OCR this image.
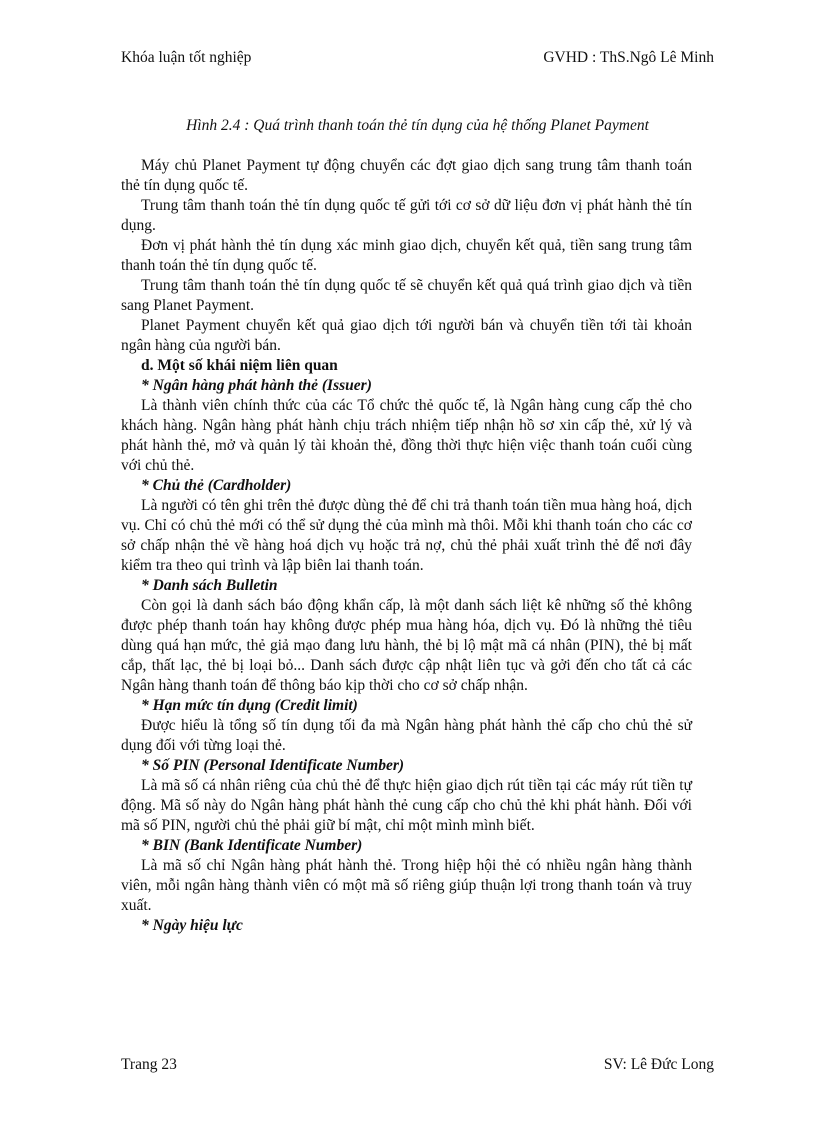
Khóa luận tốt nghiệp	GVHD : ThS.Ngô Lê Minh

Hình 2.4 : Quá trình thanh toán thẻ tín dụng của hệ thống Planet Payment

Máy chủ Planet Payment tự động chuyển các đợt giao dịch sang trung tâm thanh toán thẻ tín dụng quốc tế.

Trung tâm thanh toán thẻ tín dụng quốc tế gửi tới cơ sở dữ liệu đơn vị phát hành thẻ tín dụng.

Đơn vị phát hành thẻ tín dụng xác minh giao dịch, chuyển kết quả, tiền sang trung tâm thanh toán thẻ tín dụng quốc tế.

Trung tâm thanh toán thẻ tín dụng quốc tế sẽ chuyển kết quả quá trình giao dịch và tiền sang Planet Payment.

Planet Payment chuyển kết quả giao dịch tới người bán và chuyển tiền tới tài khoản ngân hàng của người bán.

d. Một số khái niệm liên quan

* Ngân hàng phát hành thẻ (Issuer)

Là thành viên chính thức của các Tổ chức thẻ quốc tế, là Ngân hàng cung cấp thẻ cho khách hàng. Ngân hàng phát hành chịu trách nhiệm tiếp nhận hồ sơ xin cấp thẻ, xử lý và phát hành thẻ, mở và quản lý tài khoản thẻ, đồng thời thực hiện việc thanh toán cuối cùng với chủ thẻ.

* Chủ thẻ (Cardholder)

Là người có tên ghi trên thẻ được dùng thẻ để chi trả thanh toán tiền mua hàng hoá, dịch vụ. Chỉ có chủ thẻ mới có thể sử dụng thẻ của mình mà thôi. Mỗi khi thanh toán cho các cơ sở chấp nhận thẻ về hàng hoá dịch vụ hoặc trả nợ, chủ thẻ phải xuất trình thẻ để nơi đây kiểm tra theo qui trình và lập biên lai thanh toán.

* Danh sách Bulletin

Còn gọi là danh sách báo động khẩn cấp, là một danh sách liệt kê những số thẻ không được phép thanh toán hay không được phép mua hàng hóa, dịch vụ. Đó là những thẻ tiêu dùng quá hạn mức, thẻ giả mạo đang lưu hành, thẻ bị lộ mật mã cá nhân (PIN), thẻ bị mất cắp, thất lạc, thẻ bị loại bỏ... Danh sách được cập nhật liên tục và gởi đến cho tất cả các Ngân hàng thanh toán để thông báo kịp thời cho cơ sở chấp nhận.

* Hạn mức tín dụng (Credit limit)

Được hiểu là tổng số tín dụng tối đa mà Ngân hàng phát hành thẻ cấp cho chủ thẻ sử dụng đối với từng loại thẻ.

* Số PIN (Personal Identificate Number)

Là mã số cá nhân riêng của chủ thẻ để thực hiện giao dịch rút tiền tại các máy rút tiền tự động. Mã số này do Ngân hàng phát hành thẻ cung cấp cho chủ thẻ khi phát hành. Đối với mã số PIN, người chủ thẻ phải giữ bí mật, chỉ một mình mình biết.

* BIN (Bank Identificate Number)

Là mã số chỉ Ngân hàng phát hành thẻ. Trong hiệp hội thẻ có nhiều ngân hàng thành viên, mỗi ngân hàng thành viên có một mã số riêng giúp thuận lợi trong thanh toán và truy xuất.

* Ngày hiệu lực

Trang 23	SV: Lê Đức Long
